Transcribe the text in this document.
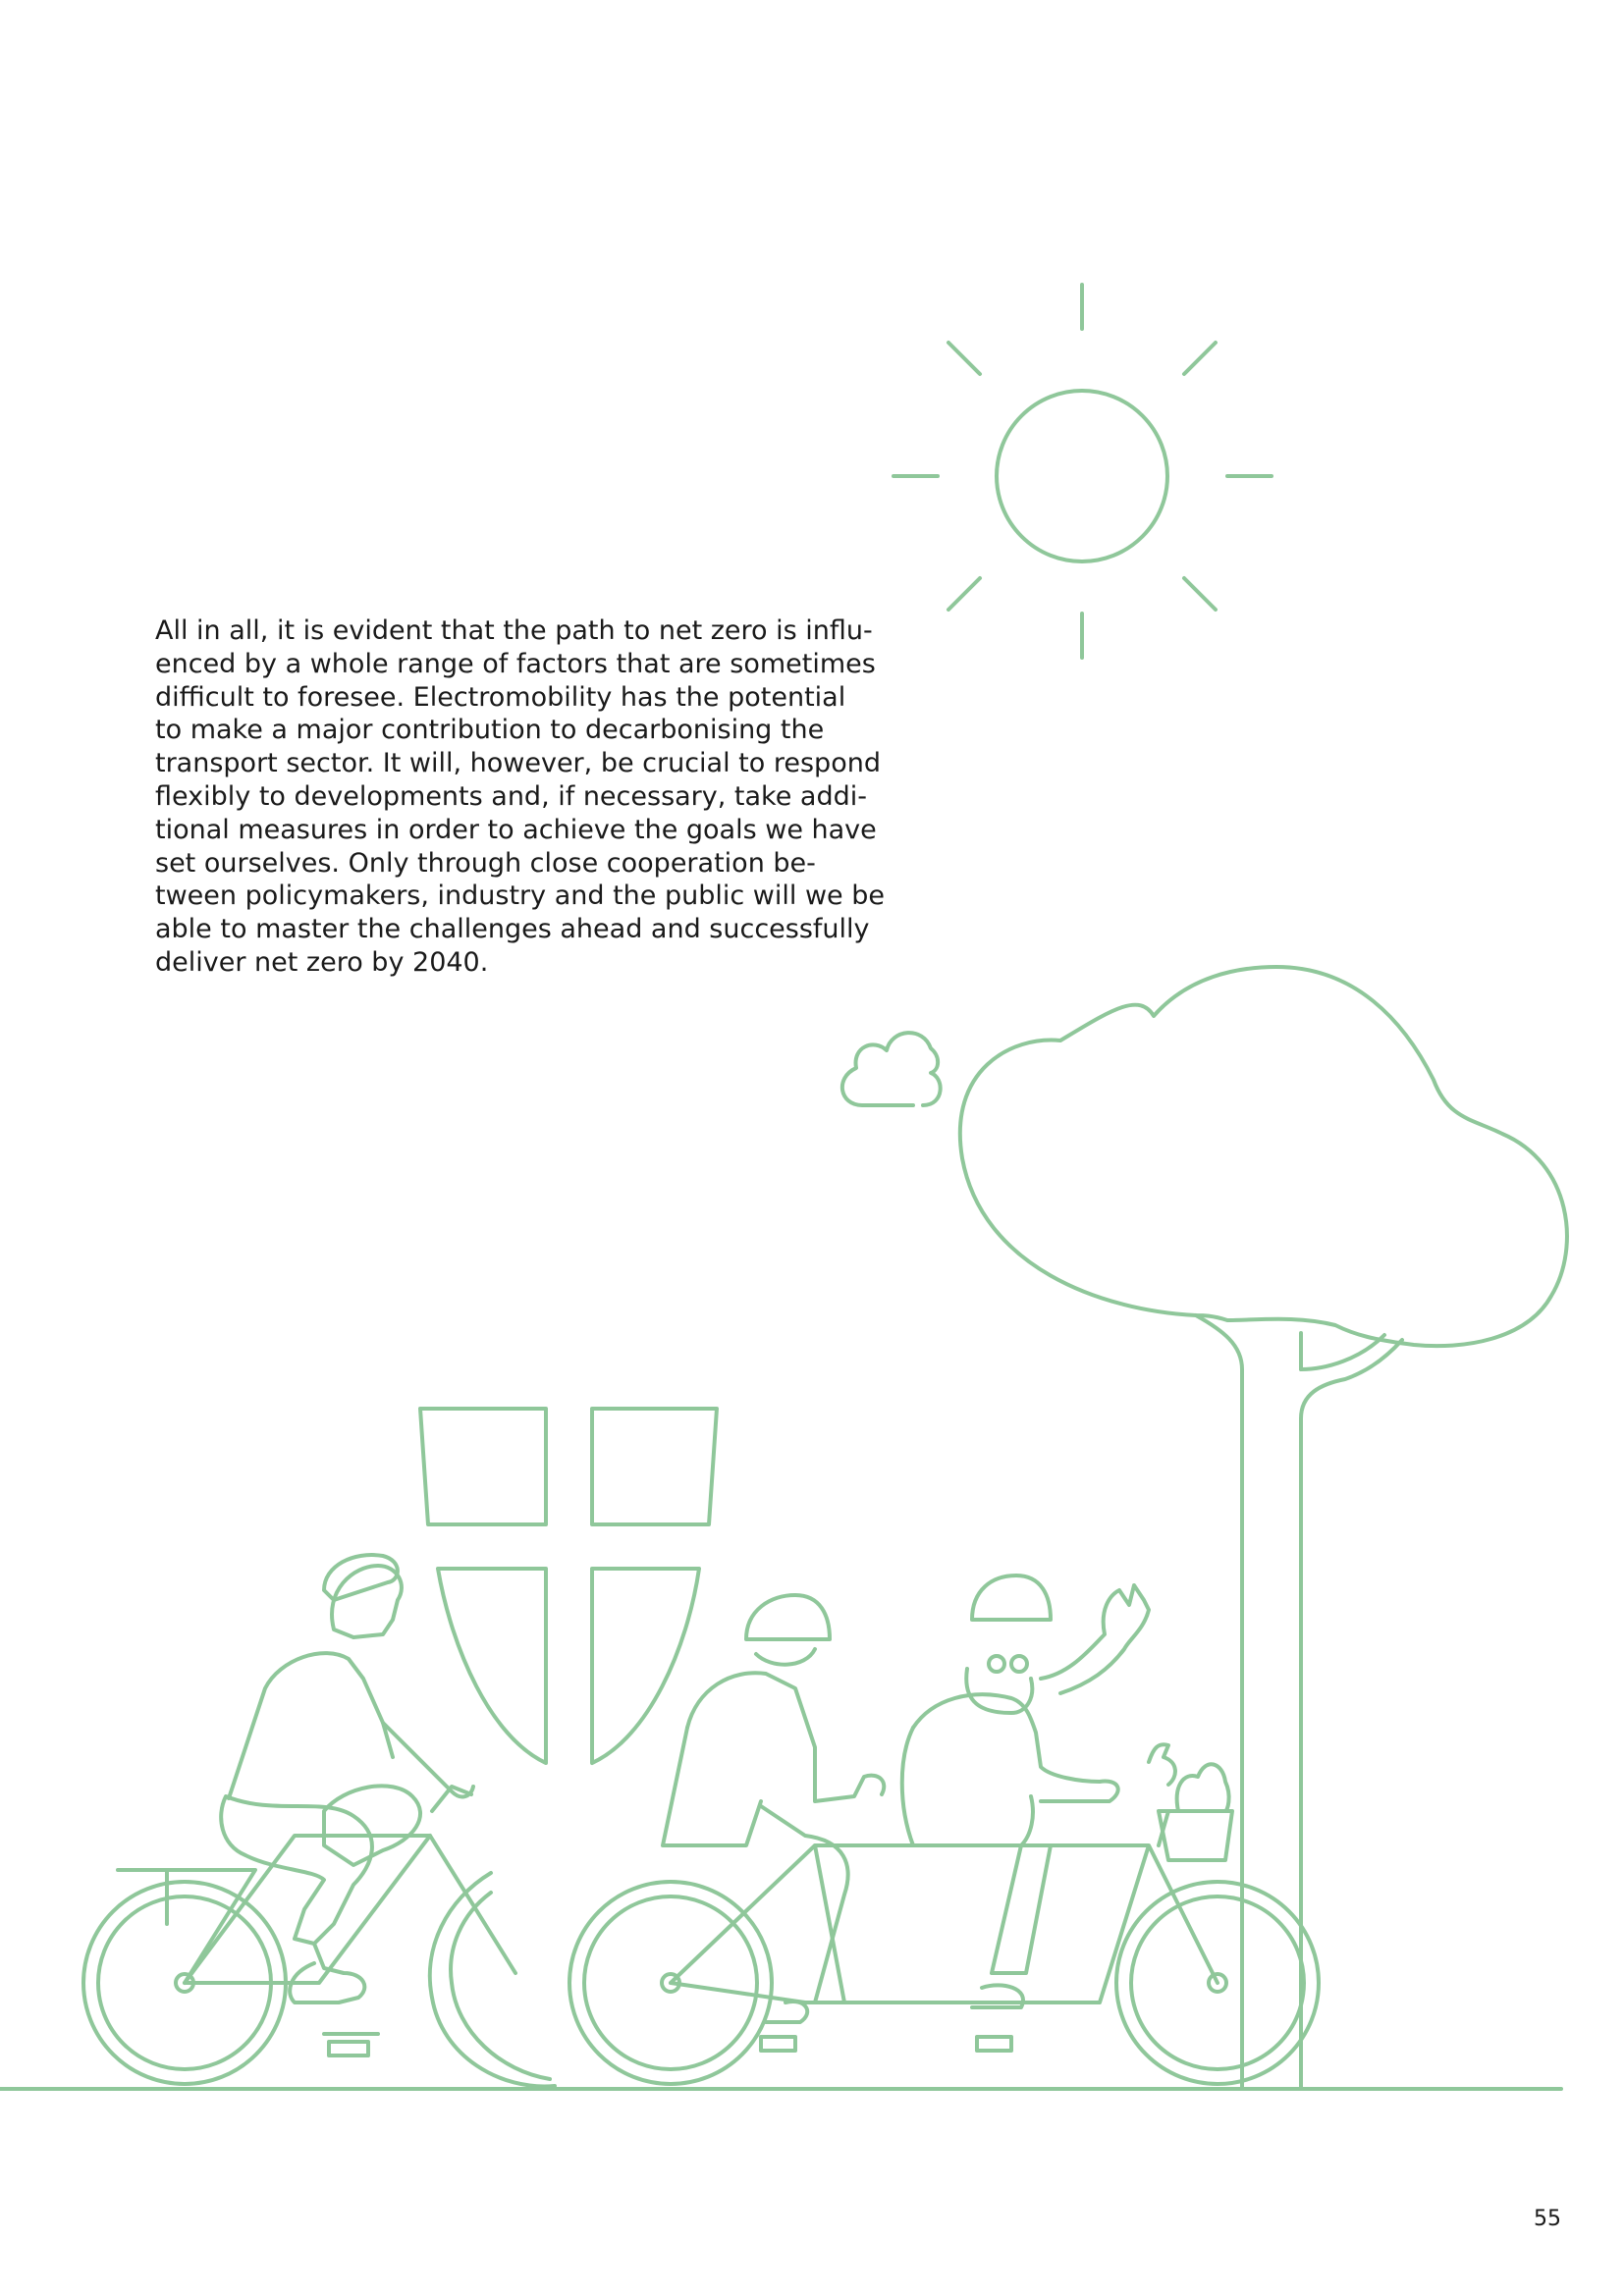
All in all, it is evident that the path to net zero is influ-
enced by a whole range of factors that are sometimes
difficult to foresee. Electromobility has the potential
to make a major contribution to decarbonising the
transport sector. It will, however, be crucial to respond
flexibly to developments and, if necessary, take addi-
tional measures in order to achieve the goals we have
set ourselves. Only through close cooperation be-
tween policymakers, industry and the public will we be
able to master the challenges ahead and successfully
deliver net zero by 2040.

55
